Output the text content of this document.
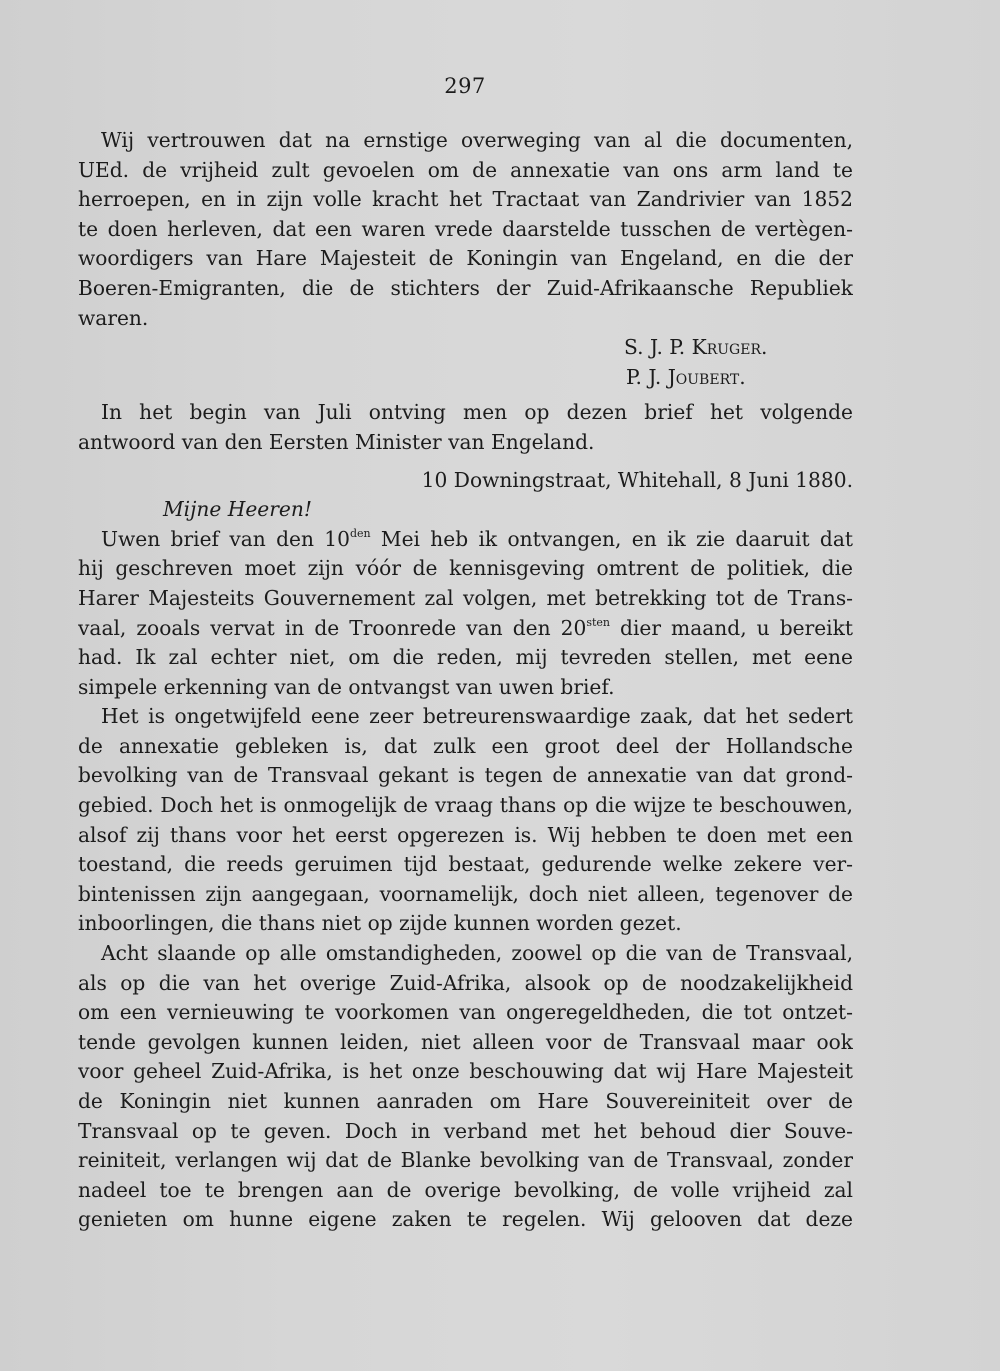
297
Wij vertrouwen dat na ernstige overweging van al die documenten,
UEd. de vrijheid zult gevoelen om de annexatie van ons arm land te
herroepen, en in zijn volle kracht het Tractaat van Zandrivier van 1852
te doen herleven, dat een waren vrede daarstelde tusschen de vertègen-
woordigers van Hare Majesteit de Koningin van Engeland, en die der
Boeren-Emigranten, die de stichters der Zuid-Afrikaansche Republiek
waren.
S. J. P. Kruger.
P. J. Joubert.
In het begin van Juli ontving men op dezen brief het volgende
antwoord van den Eersten Minister van Engeland.
10 Downingstraat, Whitehall, 8 Juni 1880.
Mijne Heeren!
Uwen brief van den $10^{den}$ Mei heb ik ontvangen, en ik zie daaruit dat
hij geschreven moet zijn vóór de kennisgeving omtrent de politiek, die
Harer Majesteits Gouvernement zal volgen, met betrekking tot de Trans-
vaal, zooals vervat in de Troonrede van den $20^{sten}$ dier maand, u bereikt
had. Ik zal echter niet, om die reden, mij tevreden stellen, met eene
simpele erkenning van de ontvangst van uwen brief.
Het is ongetwijfeld eene zeer betreurenswaardige zaak, dat het sedert
de annexatie gebleken is, dat zulk een groot deel der Hollandsche
bevolking van de Transvaal gekant is tegen de annexatie van dat grond-
gebied. Doch het is onmogelijk de vraag thans op die wijze te beschouwen,
alsof zij thans voor het eerst opgerezen is. Wij hebben te doen met een
toestand, die reeds geruimen tijd bestaat, gedurende welke zekere ver-
bintenissen zijn aangegaan, voornamelijk, doch niet alleen, tegenover de
inboorlingen, die thans niet op zijde kunnen worden gezet.
Acht slaande op alle omstandigheden, zoowel op die van de Transvaal,
als op die van het overige Zuid-Afrika, alsook op de noodzakelijkheid
om een vernieuwing te voorkomen van ongeregeldheden, die tot ontzet-
tende gevolgen kunnen leiden, niet alleen voor de Transvaal maar ook
voor geheel Zuid-Afrika, is het onze beschouwing dat wij Hare Majesteit
de Koningin niet kunnen aanraden om Hare Souvereiniteit over de
Transvaal op te geven. Doch in verband met het behoud dier Souve-
reiniteit, verlangen wij dat de Blanke bevolking van de Transvaal, zonder
nadeel toe te brengen aan de overige bevolking, de volle vrijheid zal
genieten om hunne eigene zaken te regelen. Wij gelooven dat deze
